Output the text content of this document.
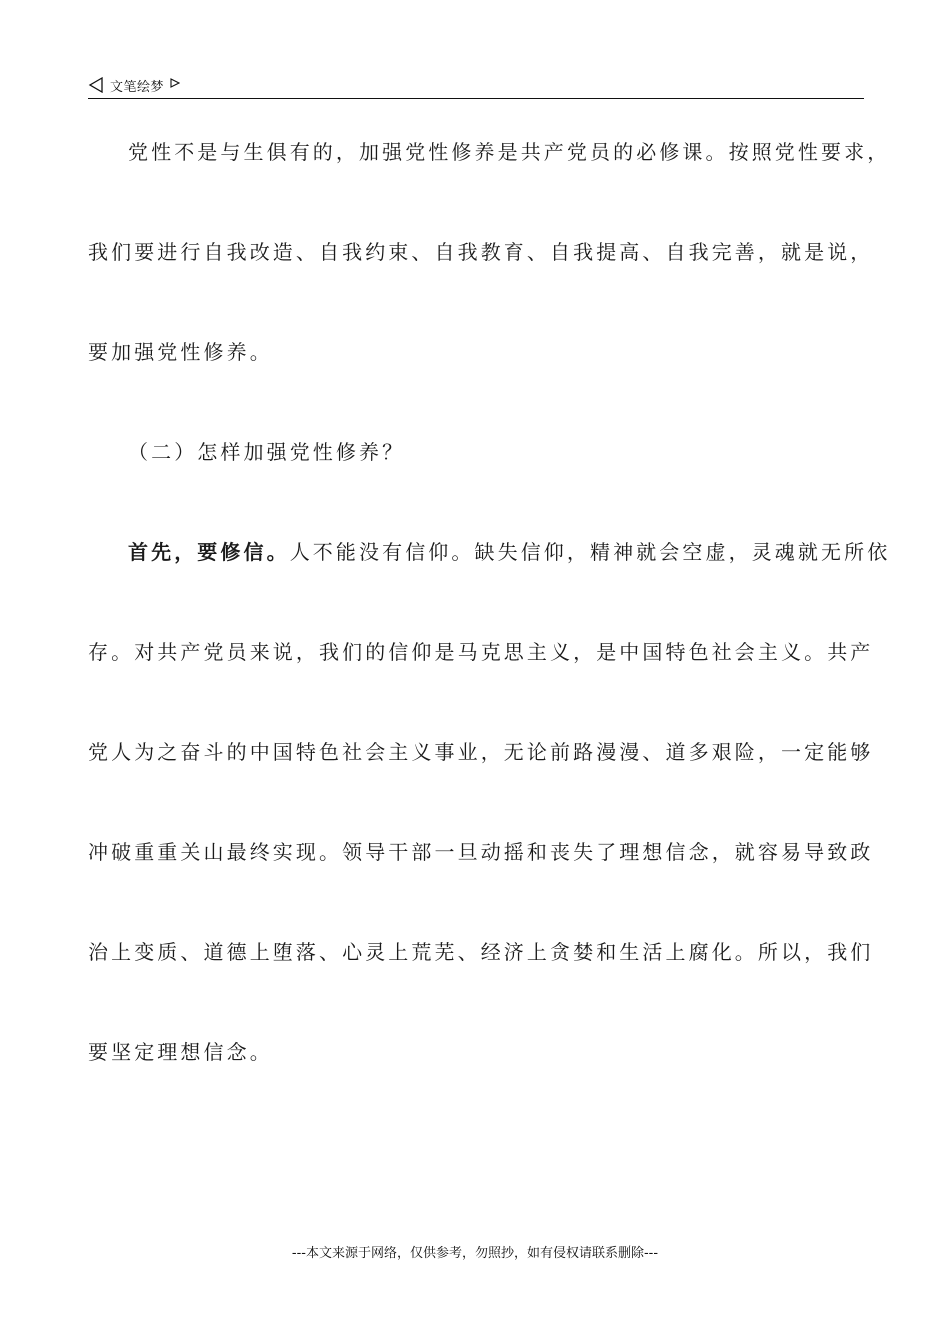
文笔绘梦
党性不是与生俱有的，加强党性修养是共产党员的必修课。按照党性要求，
我们要进行自我改造、自我约束、自我教育、自我提高、自我完善，就是说，
要加强党性修养。
（二）怎样加强党性修养？
首先，要修信。人不能没有信仰。缺失信仰，精神就会空虚，灵魂就无所依
存。对共产党员来说，我们的信仰是马克思主义，是中国特色社会主义。共产
党人为之奋斗的中国特色社会主义事业，无论前路漫漫、道多艰险，一定能够
冲破重重关山最终实现。领导干部一旦动摇和丧失了理想信念，就容易导致政
治上变质、道德上堕落、心灵上荒芜、经济上贪婪和生活上腐化。所以，我们
要坚定理想信念。
---本文来源于网络，仅供参考，勿照抄，如有侵权请联系删除---
